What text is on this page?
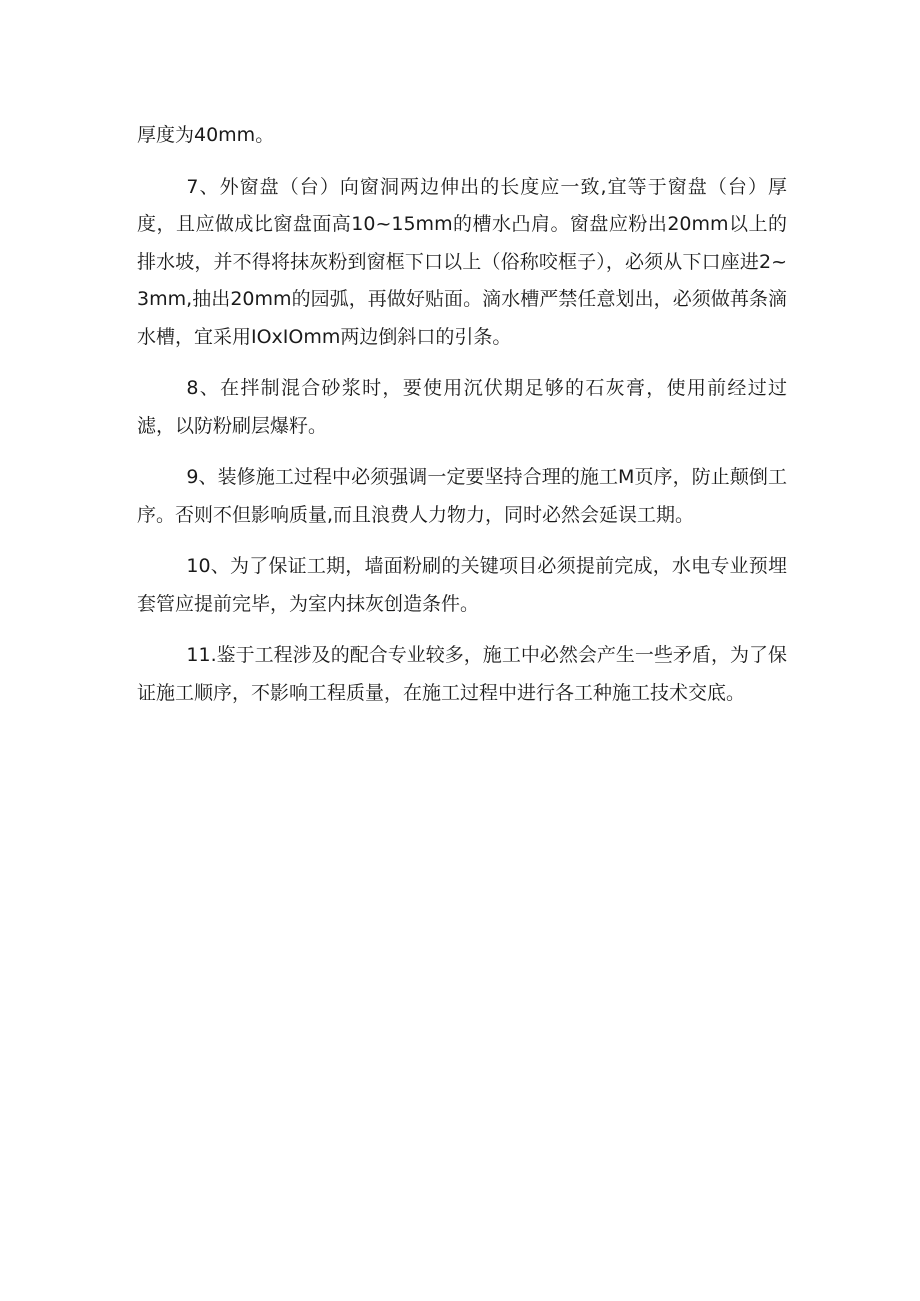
厚度为40mm。

7、外窗盘（台）向窗洞两边伸出的长度应一致,宜等于窗盘（台）厚度，且应做成比窗盘面高10~15mm的槽水凸肩。窗盘应粉出20mm以上的排水坡，并不得将抹灰粉到窗框下口以上（俗称咬框子），必须从下口座进2~3mm,抽出20mm的园弧，再做好贴面。滴水槽严禁任意划出，必须做苒条滴水槽，宜采用IOxIOmm两边倒斜口的引条。

8、在拌制混合砂浆时，要使用沉伏期足够的石灰膏，使用前经过过滤，以防粉刷层爆籽。

9、装修施工过程中必须强调一定要坚持合理的施工M页序，防止颠倒工序。否则不但影响质量,而且浪费人力物力，同时必然会延误工期。

10、为了保证工期，墙面粉刷的关键项目必须提前完成，水电专业预埋套管应提前完毕，为室内抹灰创造条件。

11.鉴于工程涉及的配合专业较多，施工中必然会产生一些矛盾，为了保证施工顺序，不影响工程质量，在施工过程中进行各工种施工技术交底。
